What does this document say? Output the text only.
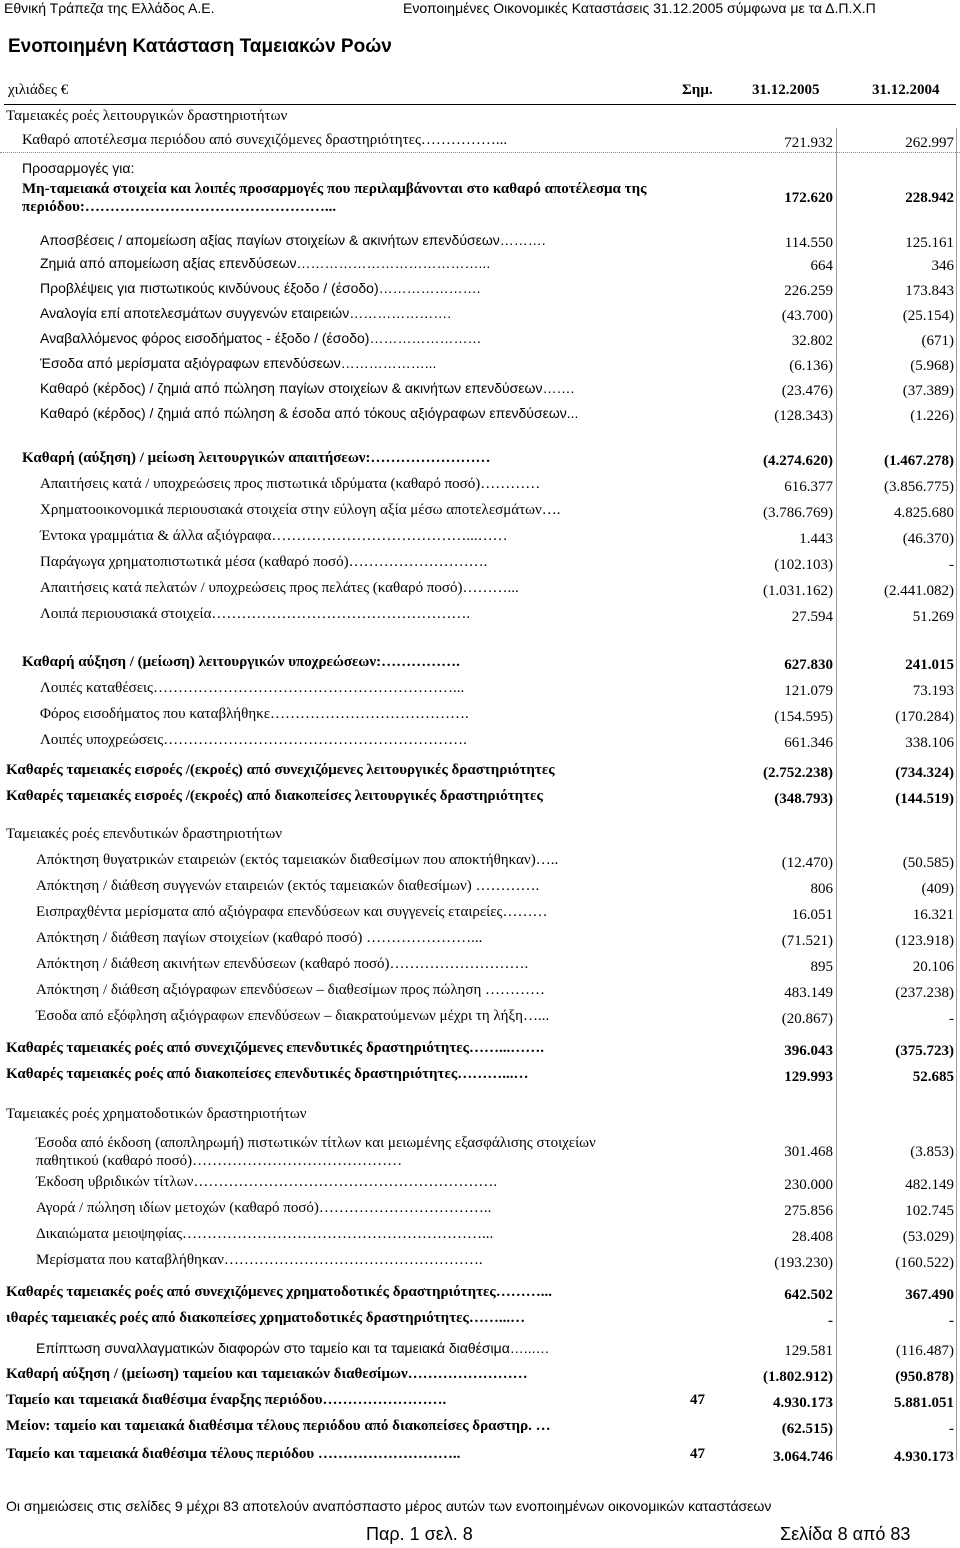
Εθνική Τράπεζα της Ελλάδος Α.Ε.	Ενοποιημένες Οικονομικές Καταστάσεις 31.12.2005 σύμφωνα με τα Δ.Π.Χ.Π
Ενοποιημένη Κατάσταση Ταμειακών Ροών
χιλιάδες €	Σημ.	31.12.2005	31.12.2004
Ταμειακές ροές λειτουργικών δραστηριοτήτων
Καθαρό αποτέλεσμα περιόδου από συνεχιζόμενες δραστηριότητες……………...	721.932	262.997
Προσαρμογές για:
Μη-ταμειακά στοιχεία και λοιπές προσαρμογές που περιλαμβάνονται στο καθαρό αποτέλεσμα της περιόδου:…………………………………………...
172.620	228.942
Αποσβέσεις / απομείωση αξίας παγίων στοιχείων & ακινήτων επενδύσεων……….	114.550	125.161
Ζημιά από απομείωση αξίας επενδύσεων…………………………………...	664	346
Προβλέψεις για πιστωτικούς κινδύνους έξοδο / (έσοδο)………………….	226.259	173.843
Αναλογία επί αποτελεσμάτων συγγενών εταιρειών………………….	(43.700)	(25.154)
Αναβαλλόμενος φόρος εισοδήματος - έξοδο / (έσοδο)……………………	32.802	(671)
Έσοδα από μερίσματα αξιόγραφων επενδύσεων………………...	(6.136)	(5.968)
Καθαρό (κέρδος) / ζημιά από πώληση παγίων στοιχείων & ακινήτων επενδύσεων…….	(23.476)	(37.389)
Καθαρό (κέρδος) / ζημιά από πώληση & έσοδα από τόκους αξιόγραφων επενδύσεων...	(128.343)	(1.226)
Καθαρή (αύξηση) / μείωση λειτουργικών απαιτήσεων:……………………	(4.274.620)	(1.467.278)
Απαιτήσεις κατά / υποχρεώσεις προς πιστωτικά ιδρύματα (καθαρό ποσό)…………	616.377	(3.856.775)
Χρηματοοικονομικά περιουσιακά στοιχεία στην εύλογη αξία μέσω αποτελεσμάτων….	(3.786.769)	4.825.680
Έντοκα γραμμάτια & άλλα αξιόγραφα…………………………………...……	1.443	(46.370)
Παράγωγα χρηματοπιστωτικά μέσα (καθαρό ποσό)……………………….	(102.103)	-
Απαιτήσεις κατά πελατών / υποχρεώσεις προς πελάτες (καθαρό ποσό)………...	(1.031.162)	(2.441.082)
Λοιπά περιουσιακά στοιχεία…………………………………………….	27.594	51.269
Καθαρή αύξηση / (μείωση) λειτουργικών υποχρεώσεων:…………….	627.830	241.015
Λοιπές καταθέσεις……………………………………………………...	121.079	73.193
Φόρος εισοδήματος που καταβλήθηκε………………………………….	(154.595)	(170.284)
Λοιπές υποχρεώσεις…………………………………………………….	661.346	338.106
Καθαρές ταμειακές εισροές /(εκροές) από συνεχιζόμενες λειτουργικές δραστηριότητες	(2.752.238)	(734.324)
Καθαρές ταμειακές εισροές /(εκροές) από διακοπείσες λειτουργικές δραστηριότητες	(348.793)	(144.519)
Ταμειακές ροές επενδυτικών δραστηριοτήτων
Απόκτηση θυγατρικών εταιρειών (εκτός ταμειακών διαθεσίμων που αποκτήθηκαν)…..	(12.470)	(50.585)
Απόκτηση / διάθεση συγγενών εταιρειών (εκτός ταμειακών διαθεσίμων) ………….	806	(409)
Εισπραχθέντα μερίσματα από αξιόγραφα επενδύσεων και συγγενείς εταιρείες………	16.051	16.321
Απόκτηση / διάθεση παγίων στοιχείων (καθαρό ποσό) …………………...	(71.521)	(123.918)
Απόκτηση / διάθεση ακινήτων επενδύσεων (καθαρό ποσό)……………………….	895	20.106
Απόκτηση / διάθεση αξιόγραφων επενδύσεων – διαθεσίμων προς πώληση …………	483.149	(237.238)
Έσοδα από εξόφληση αξιόγραφων επενδύσεων – διακρατούμενων μέχρι τη λήξη…...	(20.867)	-
Καθαρές ταμειακές ροές από συνεχιζόμενες επενδυτικές δραστηριότητες……...…….	396.043	(375.723)
Καθαρές ταμειακές ροές από διακοπείσες επενδυτικές δραστηριότητες………...…	129.993	52.685
Ταμειακές ροές χρηματοδοτικών δραστηριοτήτων
Έσοδα από έκδοση (αποπληρωμή) πιστωτικών τίτλων και μειωμένης εξασφάλισης στοιχείων παθητικού (καθαρό ποσό)……………………………………
301.468	(3.853)
Έκδοση υβριδικών τίτλων…………………………………………………….	230.000	482.149
Αγορά / πώληση ιδίων μετοχών (καθαρό ποσό)……………………………..	275.856	102.745
Δικαιώματα μειοψηφίας……………………………………………………...	28.408	(53.029)
Μερίσματα που καταβλήθηκαν…………………………………………….	(193.230)	(160.522)
Καθαρές ταμειακές ροές από συνεχιζόμενες χρηματοδοτικές δραστηριότητες………...	642.502	367.490
ιθαρές ταμειακές ροές από διακοπείσες χρηματοδοτικές δραστηριότητες……...…	-	-
Επίπτωση συναλλαγματικών διαφορών στο ταμείο και τα ταμειακά διαθέσιμα…...…	129.581	(116.487)
Καθαρή αύξηση / (μείωση) ταμείου και ταμειακών διαθεσίμων……………………	(1.802.912)	(950.878)
Ταμείο και ταμειακά διαθέσιμα έναρξης περιόδου…………………….	47	4.930.173	5.881.051
Μείον: ταμείο και ταμειακά διαθέσιμα τέλους περιόδου από διακοπείσες δραστηρ. …	(62.515)	-
Ταμείο και ταμειακά διαθέσιμα τέλους περιόδου ………………………..	47	3.064.746	4.930.173
Οι σημειώσεις στις σελίδες 9 μέχρι 83 αποτελούν αναπόσπαστο μέρος αυτών των ενοποιημένων οικονομικών καταστάσεων
Παρ. 1 σελ. 8	Σελίδα 8 από 83
